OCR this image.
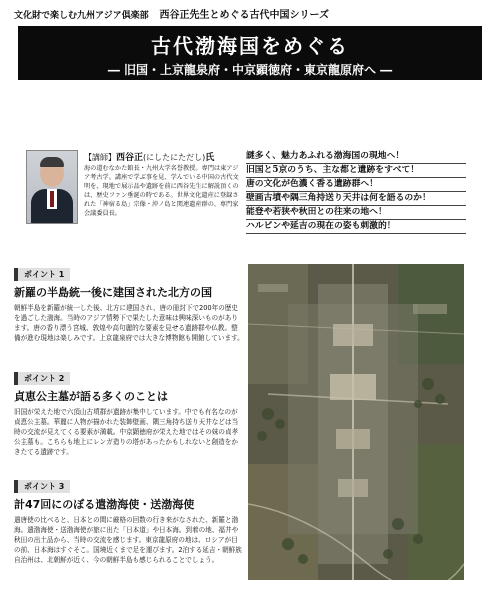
文化財で楽しむ九州アジア倶楽部 西谷正先生とめぐる古代中国シリーズ
古代渤海国をめぐる
― 旧国・上京龍泉府・中京顕徳府・東京龍原府へ ―
【講師】西谷正(にしたにただし)氏
海の道むなかた館長・九州大学名誉教授。専門は東アジア考古学。講座で学ぶ事を見、学んでいる中国の古代文明を、現地で展示品や遺跡を前に西谷先生に解説頂くのは、歴史ファン垂涎の時である。世界文化遺産に登録された「神宿る島」宗像・沖ノ島と関連遺産群の、専門家会議委員長。
謎多く、魅力あふれる渤海国の現地へ！
旧国と5京のうち、主な都と遺跡をすべて！
唐の文化が色濃く香る遺跡群へ！
壁画古墳や隅三角持送り天井は何を語るのか！
能登や若狭や秋田との往来の地へ！
ハルビンや延吉の現在の姿も刺激的！
ポイント 1
新羅の半島統一後に建国された北方の国
朝鮮半島を新羅が統一した後、北方に建国され、唐の冊封下で200年の歴史を過ごした渤海。当時のアジア情勢下で果たした意味は興味深いものがあります。唐の香り漂う宮城、敦煌や高句麗的な要素を見せる遺跡群や仏教。整備が進む現地は楽しみです。上京龍泉府では大きな博物館も開館しています。
ポイント 2
貞恵公主墓が語る多くのことは
旧国が栄えた地で六頂山古墳群が遺跡が集中しています。中でも有名なのが貞恵公主墓。華麗に人物が描かれた装飾壁画、隅三角持ち送り天井などは当時の交流が見えてくる要素が満載。中京顕徳府が栄えた地ではその妹の貞孝公主墓も。こちらも地上にレンガ造りの塔があったかもしれないと創造をかきたてる遺跡です。
ポイント 3
計47回にのぼる遣渤海使・送渤海使
遣唐使の比べると、日本との間に厳格の回数の行き来がなされた、新羅と渤海。遣渤海使・送渤海使が旅に出た「日本道」や日本海。到着の地、福井や秋田の出土品から、当時の交流を感じます。東京龍原府の地は、ロシアが目の前、日本海はすぐそこ。国境近くまで足を運びます。2泊する延吉・朝鮮族自治州は、北朝鮮が近く、今の朝鮮半島も感じられることでしょう。
